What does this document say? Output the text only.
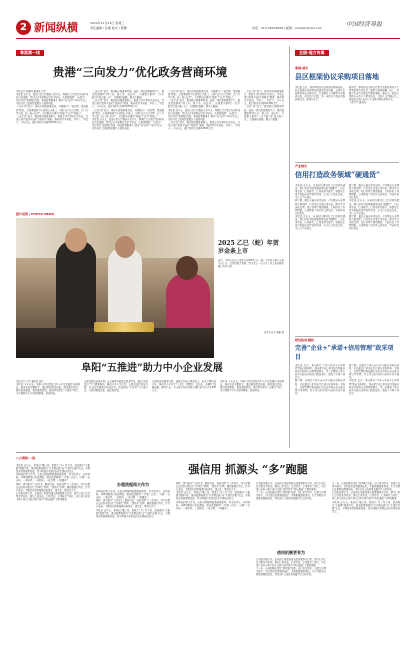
2 新闻纵横	2024年11月13日 星期三
责任编辑 / 张楠 版式 / 陈馨	电话：010-58302828 | 邮箱：zzxwbh@163.com	中国经济导报
粤港澳一线
贵港“三向发力”优化政务营商环境
本报记者 刘振国 通讯员 王婷
本报讯 近年来，贵港市深入贯彻落实党中央、国务院关于优化营商环境的决策部署，坚持以企业和群众需求为导向，从政务服务“三向发力”，持续深化“放管服”改革，推动政务服务从“能办”向“好办”“易办”转变，为经济社会高质量发展注入强劲动能。
一是向“简”发力，推动审批服务更高效。全面推行“一窗受理、集成服务”模式，在政务服务中心设置综合窗口，实现“前台综合受理、后台分类审批、统一窗口出件”，企业群众办事由“找部门”变为“找窗口”。
二是向“优”发力，推动帮办服务更贴心。组建专业化帮办代办队伍，为重点项目提供全流程“保姆式”服务，推动项目早落地、早开工、早投产。今年以来，累计帮办代办事项2300余件。
三是向“新”发力，推动数字服务更智能。依托一体化政务服务平台，推进高频事项“网上办、掌上办、就近办”，实现更多事项“一次不跑”或“最多跑一次”，让数据多跑路、群众少跑腿。
二是向“优”发力，推动帮办服务更贴心。组建专业化帮办代办队伍，为重点项目提供全流程“保姆式”服务，推动项目早落地、早开工、早投产。今年以来，累计帮办代办事项2300余件。
一是向“简”发力，推动审批服务更高效。全面推行“一窗受理、集成服务”模式，在政务服务中心设置综合窗口，实现“前台综合受理、后台分类审批、统一窗口出件”，企业群众办事由“找部门”变为“找窗口”。
本报讯 近年来，贵港市深入贯彻落实党中央、国务院关于优化营商环境的决策部署，坚持以企业和群众需求为导向，从政务服务“三向发力”，持续深化“放管服”改革，推动政务服务从“能办”向“好办”“易办”转变，为经济社会高质量发展注入强劲动能。
一是向“简”发力，推动审批服务更高效。全面推行“一窗受理、集成服务”模式，在政务服务中心设置综合窗口，实现“前台综合受理、后台分类审批、统一窗口出件”，企业群众办事由“找部门”变为“找窗口”。
三是向“新”发力，推动数字服务更智能。依托一体化政务服务平台，推进高频事项“网上办、掌上办、就近办”，实现更多事项“一次不跑”或“最多跑一次”，让数据多跑路、群众少跑腿。
本报讯 近年来，贵港市深入贯彻落实党中央、国务院关于优化营商环境的决策部署，坚持以企业和群众需求为导向，从政务服务“三向发力”，持续深化“放管服”改革，推动政务服务从“能办”向“好办”“易办”转变，为经济社会高质量发展注入强劲动能。
二是向“优”发力，推动帮办服务更贴心。组建专业化帮办代办队伍，为重点项目提供全流程“保姆式”服务，推动项目早落地、早开工、早投产。今年以来，累计帮办代办事项2300余件。
二是向“优”发力，推动帮办服务更贴心。组建专业化帮办代办队伍，为重点项目提供全流程“保姆式”服务，推动项目早落地、早开工、早投产。今年以来，累计帮办代办事项2300余件。
三是向“新”发力，推动数字服务更智能。依托一体化政务服务平台，推进高频事项“网上办、掌上办、就近办”，实现更多事项“一次不跑”或“最多跑一次”，让数据多跑路、群众少跑腿。
图片说明 | PHOTO NEWS
2025 乙巳（蛇）年贺岁金条上市
近日，中国金币总公司发行的2025乙巳（蛇）年贺岁金条在多地金店上市，受到消费者青睐。图为北京一家金店工作人员向顾客展示贺岁金条。
新华社记者 鲁鹏 摄
阜阳“五推进”助力中小企业发展
本报记者 李军 通讯员 张伟
本报讯 今年以来，阜阳市坚持把促进中小企业发展作为稳增长、稳就业的重要抓手，通过推进政策落地、推进融资对接、推进创新赋能、推进服务提质、推进环境优化“五推进”举措，全力帮助中小企业纾困解难、提质增效。
在推进政策落地方面，该市梳理各级惠企政策清单，通过“政策直达”平台精准推送，确保企业应享尽享。在推进融资对接方面，常态化开展银企对接活动，创新推出“信易贷”等金融产品，有效缓解融资难、融资贵问题。
在推进创新赋能方面，鼓励企业加大研发投入，培育专精特新企业，推动中小企业走“专业化、精细化、特色化、新颖化”发展道路。截至目前，全市累计培育省级专精特新中小企业300余家。
本报讯 今年以来，阜阳市坚持把促进中小企业发展作为稳增长、稳就业的重要抓手，通过推进政策落地、推进融资对接、推进创新赋能、推进服务提质、推进环境优化“五推进”举措，全力帮助中小企业纾困解难、提质增效。
全国·地方传真
要闻·城市
县区框架协议采购项目落地
本报讯 近日，县区框架协议采购项目顺利落地，标志着政府采购领域改革取得新进展。该项目采取框架协议采购方式，有效解决了小额零星采购效率低、成本高等问题，进一步提升了政府采购的规范化、便利化水平。
据介绍，框架协议采购是指集中采购机构或者主管预算单位对技术、服务等标准明确、统一，需要多次重复采购的货物和服务，确定第一阶段入围供应商并订立框架协议，采购人从中确定第二阶段成交供应商并订立采购合同的采购方式。
（曹力平 通讯员）
产业城市
信用打造政务领域“硬通货”
本报讯 近年来，各地持续推进社会信用体系建设，把信用作为政务服务领域的“硬通货”，以信用承诺、信用修复、信用监管为抓手，构建以信用为基础的新型监管机制，让守信者处处受益、失信者寸步难行。
据了解，通过实施告知承诺制，企业群众在办理相关事项时，只需作出书面信用承诺，即可享受容缺受理、先行办理等便利服务，大幅压缩了办理时限，有效降低了制度性交易成本，营商环境持续优化。
本报讯 近年来，各地持续推进社会信用体系建设，把信用作为政务服务领域的“硬通货”，以信用承诺、信用修复、信用监管为抓手，构建以信用为基础的新型监管机制，让守信者处处受益、失信者寸步难行。
据了解，通过实施告知承诺制，企业群众在办理相关事项时，只需作出书面信用承诺，即可享受容缺受理、先行办理等便利服务，大幅压缩了办理时限，有效降低了制度性交易成本，营商环境持续优化。
本报讯 近年来，各地持续推进社会信用体系建设，把信用作为政务服务领域的“硬通货”，以信用承诺、信用修复、信用监管为抓手，构建以信用为基础的新型监管机制，让守信者处处受益、失信者寸步难行。
据了解，通过实施告知承诺制，企业群众在办理相关事项时，只需作出书面信用承诺，即可享受容缺受理、先行办理等便利服务，大幅压缩了办理时限，有效降低了制度性交易成本，营商环境持续优化。
财经热词·解析
完善“企业+”承诺+信用管理”政采项目
本报讯 近日，某市推行“企业+承诺+信用管理”政府采购项目，探索建立以信用承诺为基础的政府采购供应商管理新模式，进一步降低了供应商参与政府采购的门槛和成本，激发了市场主体活力。
据了解，该模式下供应商在参与政府采购活动时，可以通过信用承诺代替部分证明材料，采购人、采购代理机构依据信用记录对供应商实施分级分类管理，对信用良好的供应商给予适当便利。
据了解，该模式下供应商在参与政府采购活动时，可以通过信用承诺代替部分证明材料，采购人、采购代理机构依据信用记录对供应商实施分级分类管理，对信用良好的供应商给予适当便利。
本报讯 近日，某市推行“企业+承诺+信用管理”政府采购项目，探索建立以信用承诺为基础的政府采购供应商管理新模式，进一步降低了供应商参与政府采购的门槛和成本，激发了市场主体活力。
八方观察·一线
强信用 抓源头 “多”跑腿
本报讯 近年来，某地以“强信用、抓源头”为工作主线，创新推出“多跑腿”服务举措，推动政务服务由“企业群众跑”向“干部代办跑”转变，全面提升政务服务效能，切实增强企业群众的获得感和满意度。
办理流程再大作为。该地全面梳理政务服务事项，对审批环节、申请材料、办理时限进行系统精简，推动高频事项“一件事一次办”，实现“一次告知、一表申请、一套材料、一窗受理、一网通办”。
同时，建立健全“首问负责、限时办结、容缺受理”等工作制度，对企业群众反映的问题实行“清单化”管理、“闭环式”办理，确保事事有回音、件件有着落，不断提升政务服务的标准化、规范化、便利化水平。
信用机制更有为。该地将信用建设融入政务服务全过程，建立信用信息归集共享机制，推行信用承诺、信用评价、信用修复等制度，对信用良好的市场主体在行政审批中给予“绿色通道”等便利服务。
办理流程再大作为
办理流程再大作为。该地全面梳理政务服务事项，对审批环节、申请材料、办理时限进行系统精简，推动高频事项“一件事一次办”，实现“一次告知、一表申请、一套材料、一窗受理、一网通办”。
同时，建立健全“首问负责、限时办结、容缺受理”等工作制度，对企业群众反映的问题实行“清单化”管理、“闭环式”办理，确保事事有回音、件件有着落，不断提升政务服务的标准化、规范化、便利化水平。
本报讯 近年来，某地以“强信用、抓源头”为工作主线，创新推出“多跑腿”服务举措，推动政务服务由“企业群众跑”向“干部代办跑”转变，全面提升政务服务效能，切实增强企业群众的获得感和满意度。
同时，建立健全“首问负责、限时办结、容缺受理”等工作制度，对企业群众反映的问题实行“清单化”管理、“闭环式”办理，确保事事有回音、件件有着落，不断提升政务服务的标准化、规范化、便利化水平。
本报讯 近年来，某地以“强信用、抓源头”为工作主线，创新推出“多跑腿”服务举措，推动政务服务由“企业群众跑”向“干部代办跑”转变，全面提升政务服务效能，切实增强企业群众的获得感和满意度。
办理流程再大作为。该地全面梳理政务服务事项，对审批环节、申请材料、办理时限进行系统精简，推动高频事项“一件事一次办”，实现“一次告知、一表申请、一套材料、一窗受理、一网通办”。
信用机制更有为。该地将信用建设融入政务服务全过程，建立信用信息归集共享机制，推行信用承诺、信用评价、信用修复等制度，对信用良好的市场主体在行政审批中给予“绿色通道”等便利服务。
下一步，该地将继续深化“放管服”改革，以信用为纽带，以源头治理为抓手，持续优化政务服务流程，不断拓展服务领域，让企业群众办事更加便捷高效，为经济社会高质量发展营造良好环境。
信用机制更有为
信用机制更有为。该地将信用建设融入政务服务全过程，建立信用信息归集共享机制，推行信用承诺、信用评价、信用修复等制度，对信用良好的市场主体在行政审批中给予“绿色通道”等便利服务。
下一步，该地将继续深化“放管服”改革，以信用为纽带，以源头治理为抓手，持续优化政务服务流程，不断拓展服务领域，让企业群众办事更加便捷高效，为经济社会高质量发展营造良好环境。
下一步，该地将继续深化“放管服”改革，以信用为纽带，以源头治理为抓手，持续优化政务服务流程，不断拓展服务领域，让企业群众办事更加便捷高效，为经济社会高质量发展营造良好环境。
信用机制更有为。该地将信用建设融入政务服务全过程，建立信用信息归集共享机制，推行信用承诺、信用评价、信用修复等制度，对信用良好的市场主体在行政审批中给予“绿色通道”等便利服务。
本报讯 近年来，某地以“强信用、抓源头”为工作主线，创新推出“多跑腿”服务举措，推动政务服务由“企业群众跑”向“干部代办跑”转变，全面提升政务服务效能，切实增强企业群众的获得感和满意度。
